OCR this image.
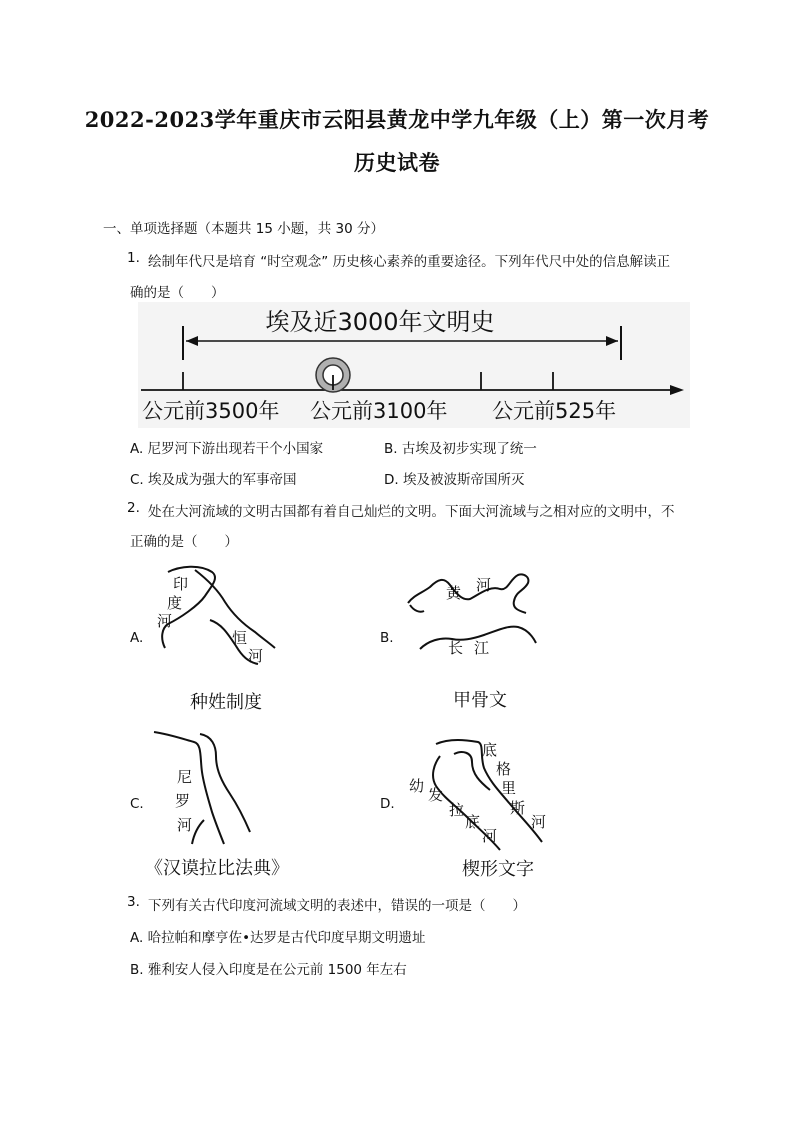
2022-2023学年重庆市云阳县黄龙中学九年级（上）第一次月考
历史试卷
一、单项选择题（本题共 15 小题，共 30 分）
1. 绘制年代尺是培育 “时空观念” 历史核心素养的重要途径。下列年代尺中处的信息解读正
确的是（　　）
埃及近3000年文明史
公元前3500年 公元前3100年 公元前525年
A. 尼罗河下游出现若干个小国家	B. 古埃及初步实现了统一
C. 埃及成为强大的军事帝国	D. 埃及被波斯帝国所灭
2. 处在大河流域的文明古国都有着自己灿烂的文明。下面大河流域与之相对应的文明中，不
正确的是（　　）
A.
印
度
河
恒
河
种姓制度
B.
黄 河
长 江
甲骨文
C.
尼
罗
河
《汉谟拉比法典》
D.
底
格
里
斯
河
幼 发
拉
底
河
楔形文字
3. 下列有关古代印度河流域文明的表述中，错误的一项是（　　）
A. 哈拉帕和摩亨佐•达罗是古代印度早期文明遗址
B. 雅利安人侵入印度是在公元前 1500 年左右
